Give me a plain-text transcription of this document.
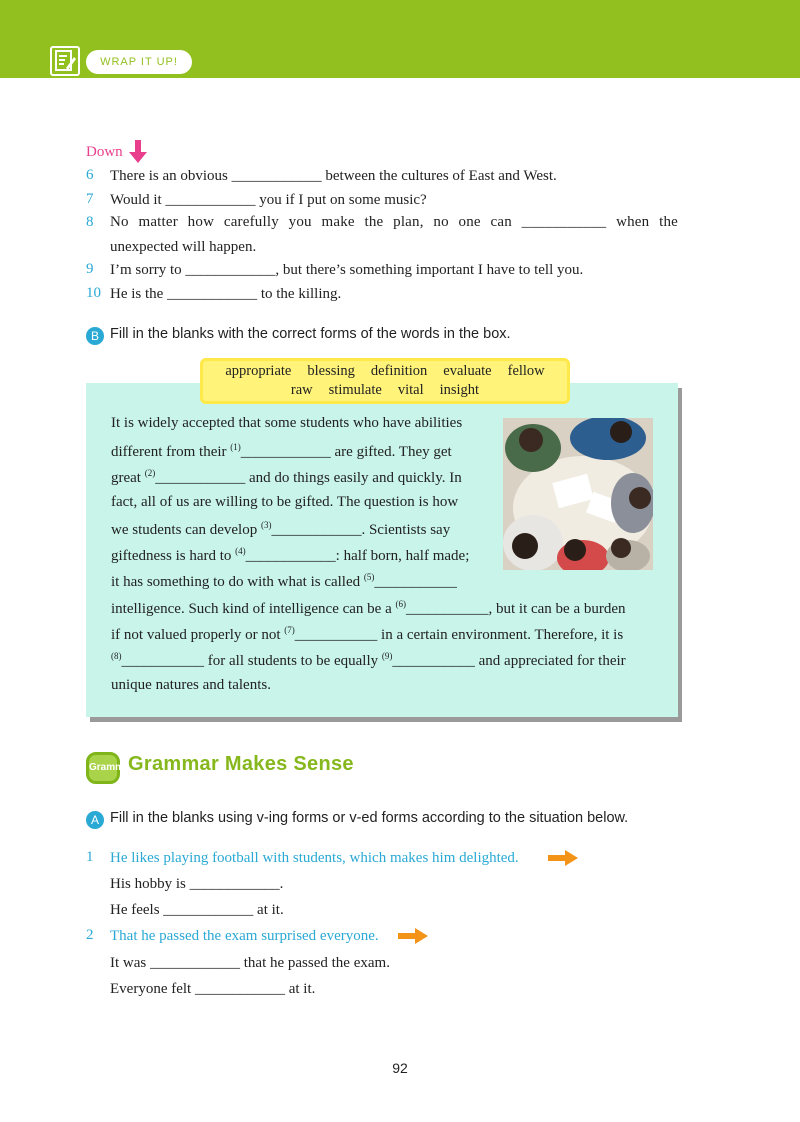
WRAP IT UP!
Down
6	There is an obvious ____________ between the cultures of East and West.
7	Would it ____________ you if I put on some music?
8	No matter how carefully you make the plan, no one can ___________ when the
unexpected will happen.
9	I’m sorry to ____________, but there’s something important I have to tell you.
10 He is the ____________ to the killing.
B Fill in the blanks with the correct forms of the words in the box.
appropriate blessing definition evaluate fellow
raw stimulate vital insight
It is widely accepted that some students who have abilities
different from their $^{(1)}$____________ are gifted. They get
great $^{(2)}$____________ and do things easily and quickly. In
fact, all of us are willing to be gifted. The question is how
we students can develop $^{(3)}$____________. Scientists say
giftedness is hard to $^{(4)}$____________: half born, half made;
it has something to do with what is called $^{(5)}$___________
intelligence. Such kind of intelligence can be a $^{(6)}$___________, but it can be a burden
if not valued properly or not $^{(7)}$___________ in a certain environment. Therefore, it is
$^{(8)}$___________ for all students to be equally $^{(9)}$___________ and appreciated for their
unique natures and talents.
Grammar
Grammar Makes Sense
A Fill in the blanks using v-ing forms or v-ed forms according to the situation below.
1	He likes playing football with students, which makes him delighted.
His hobby is ____________.
He feels ____________ at it.
2	That he passed the exam surprised everyone.
It was ____________ that he passed the exam.
Everyone felt ____________ at it.
92
